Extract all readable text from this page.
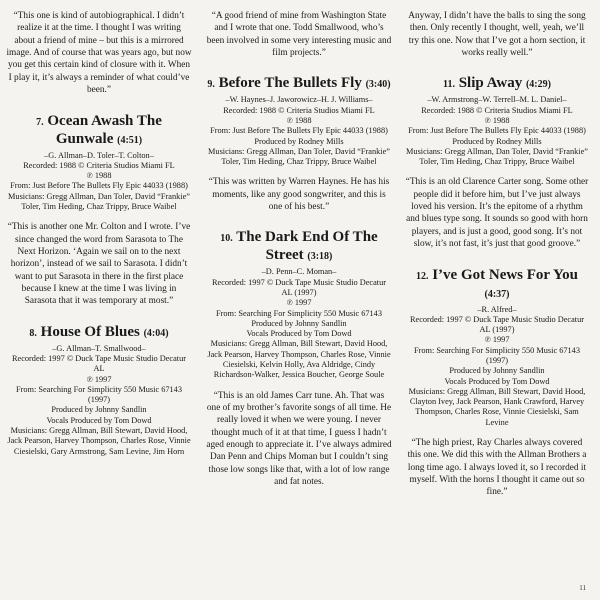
“This one is kind of autobiographical. I didn’t realize it at the time. I thought I was writing about a friend of mine – but this is a mirrored image. And of course that was years ago, but now you get this certain kind of closure with it. When I play it, it’s always a reminder of what could’ve been.”

7. Ocean Awash The Gunwale (4:51)

–G. Allman–D. Toler–T. Colton–

Recorded: 1988 © Criteria Studios Miami FL

℗ 1988

From: Just Before The Bullets Fly Epic 44033 (1988)

Musicians: Gregg Allman, Dan Toler, David “Frankie” Toler, Tim Heding, Chaz Trippy, Bruce Waibel

“This is another one Mr. Colton and I wrote. I’ve since changed the word from Sarasota to The Next Horizon. ‘Again we sail on to the next horizon’, instead of we sail to Sarasota. I didn’t want to put Sarasota in there in the first place because I knew at the time I was living in Sarasota that it was temporary at most.”

8. House Of Blues (4:04)

–G. Allman–T. Smallwood–

Recorded: 1997 © Duck Tape Music Studio Decatur AL

℗ 1997

From: Searching For Simplicity 550 Music 67143 (1997)

Produced by Johnny Sandlin

Vocals Produced by Tom Dowd

Musicians: Gregg Allman, Bill Stewart, David Hood, Jack Pearson, Harvey Thompson, Charles Rose, Vinnie Ciesielski, Gary Armstrong, Sam Levine, Jim Horn

“A good friend of mine from Washington State and I wrote that one. Todd Smallwood, who’s been involved in some very interesting music and film projects.”

9. Before The Bullets Fly (3:40)

–W. Haynes–J. Jaworowicz–H. J. Williams–

Recorded: 1988 © Criteria Studios Miami FL

℗ 1988

From: Just Before The Bullets Fly Epic 44033 (1988)

Produced by Rodney Mills

Musicians: Gregg Allman, Dan Toler, David “Frankie” Toler, Tim Heding, Chaz Trippy, Bruce Waibel

“This was written by Warren Haynes. He has his moments, like any good songwriter, and this is one of his best.”

10. The Dark End Of The Street (3:18)

–D. Penn–C. Moman–

Recorded: 1997 © Duck Tape Music Studio Decatur AL (1997)

℗ 1997

From: Searching For Simplicity 550 Music 67143

Produced by Johnny Sandlin

Vocals Produced by Tom Dowd

Musicians: Gregg Allman, Bill Stewart, David Hood, Jack Pearson, Harvey Thompson, Charles Rose, Vinnie Ciesielski, Kelvin Holly, Ava Aldridge, Cindy Richardson-Walker, Jessica Boucher, George Soule

“This is an old James Carr tune. Ah. That was one of my brother’s favorite songs of all time. He really loved it when we were young. I never thought much of it at that time, I guess I hadn’t aged enough to appreciate it. I’ve always admired Dan Penn and Chips Moman but I couldn’t sing those low songs like that, with a lot of low range and fat notes.

Anyway, I didn’t have the balls to sing the song then. Only recently I thought, well, yeah, we’ll try this one. Now that I’ve got a horn section, it works really well.”

11. Slip Away (4:29)

–W. Armstrong–W. Terrell–M. L. Daniel–

Recorded: 1988 © Criteria Studios Miami FL

℗ 1988

From: Just Before The Bullets Fly Epic 44033 (1988)

Produced by Rodney Mills

Musicians: Gregg Allman, Dan Toler, David “Frankie” Toler, Tim Heding, Chaz Trippy, Bruce Waibel

“This is an old Clarence Carter song. Some other people did it before him, but I’ve just always loved his version. It’s the epitome of a rhythm and blues type song. It sounds so good with horn players, and is just a good, good song. It’s not slow, it’s not fast, it’s just that good groove.”

12. I’ve Got News For You (4:37)

–R. Alfred–

Recorded: 1997 © Duck Tape Music Studio Decatur AL (1997)

℗ 1997

From: Searching For Simplicity 550 Music 67143 (1997)

Produced by Johnny Sandlin

Vocals Produced by Tom Dowd

Musicians: Gregg Allman, Bill Stewart, David Hood, Clayton Ivey, Jack Pearson, Hank Crawford, Harvey Thompson, Charles Rose, Vinnie Ciesielski, Sam Levine

“The high priest, Ray Charles always covered this one. We did this with the Allman Brothers a long time ago. I always loved it, so I recorded it myself. With the horns I thought it came out so fine.”

11
